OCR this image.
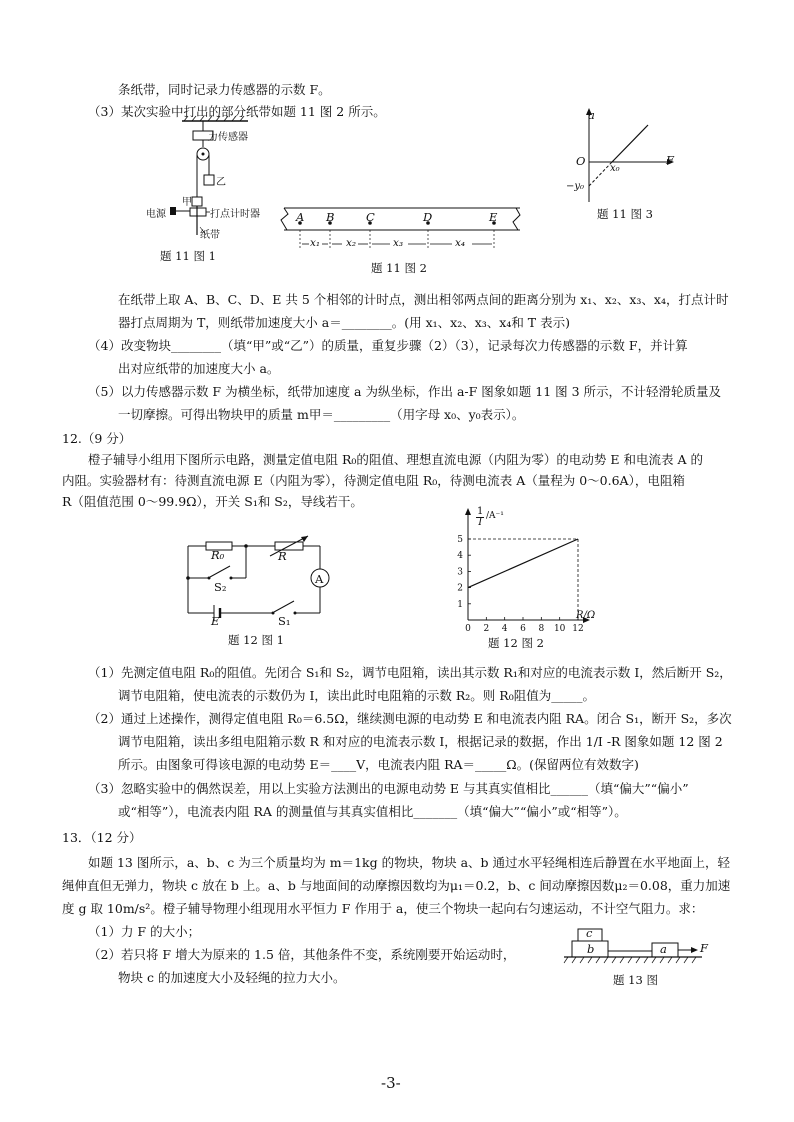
条纸带，同时记录力传感器的示数 F。
（3）某次实验中打出的部分纸带如题 11 图 2 所示。
力传感器
乙
甲
电源	打点计时器
纸带
题 11 图 1
A B	C	D	E
x₁ x₂	x₃	x₄
题 11 图 2
a
F
O
x₀
−y₀
题 11 图 3
在纸带上取 A、B、C、D、E 共 5 个相邻的计时点，测出相邻两点间的距离分别为 x₁、x₂、x₃、x₄，打点计时
器打点周期为 T，则纸带加速度大小 a＝________。(用 x₁、x₂、x₃、x₄和 T 表示)
（4）改变物块________（填“甲”或“乙”）的质量，重复步骤（2）（3），记录每次力传感器的示数 F，并计算
出对应纸带的加速度大小 a。
（5）以力传感器示数 F 为横坐标，纸带加速度 a 为纵坐标，作出 a-F 图象如题 11 图 3 所示，不计轻滑轮质量及
一切摩擦。可得出物块甲的质量 m甲＝_________（用字母 x₀、y₀表示）。
12.（9 分）
橙子辅导小组用下图所示电路，测量定值电阻 R₀的阻值、理想直流电源（内阻为零）的电动势 E 和电流表 A 的
内阻。实验器材有：待测直流电源 E（内阻为零），待测定值电阻 R₀，待测电流表 A（量程为 0～0.6A），电阻箱
R（阻值范围 0～99.9Ω），开关 S₁和 S₂，导线若干。
R₀	R
A
S₂
E	S₁
题 12 图 1
0 2 4 6 8 10 12
1
2
3
4
5
$\frac{1}{I} /A^{-1}$
R/Ω
题 12 图 2
（1）先测定值电阻 R₀的阻值。先闭合 S₁和 S₂，调节电阻箱，读出其示数 R₁和对应的电流表示数 I，然后断开 S₂，
调节电阻箱，使电流表的示数仍为 I，读出此时电阻箱的示数 R₂。则 R₀阻值为_____。
（2）通过上述操作，测得定值电阻 R₀＝6.5Ω，继续测电源的电动势 E 和电流表内阻 RA。闭合 S₁，断开 S₂，多次
调节电阻箱，读出多组电阻箱示数 R 和对应的电流表示数 I，根据记录的数据，作出 1/I -R 图象如题 12 图 2
所示。由图象可得该电源的电动势 E＝____V，电流表内阻 RA＝_____Ω。(保留两位有效数字)
（3）忽略实验中的偶然误差，用以上实验方法测出的电源电动势 E 与其真实值相比______（填“偏大”“偏小”
或“相等”），电流表内阻 RA 的测量值与其真实值相比_______（填“偏大”“偏小”或“相等”）。
13．（12 分）
如题 13 图所示，a、b、c 为三个质量均为 m＝1kg 的物块，物块 a、b 通过水平轻绳相连后静置在水平地面上，轻
绳伸直但无弹力，物块 c 放在 b 上。a、b 与地面间的动摩擦因数均为μ₁＝0.2，b、c 间动摩擦因数μ₂＝0.08，重力加速
度 g 取 10m/s²。橙子辅导物理小组现用水平恒力 F 作用于 a，使三个物块一起向右匀速运动，不计空气阻力。求：
（1）力 F 的大小；
（2）若只将 F 增大为原来的 1.5 倍，其他条件不变，系统刚要开始运动时，
物块 c 的加速度大小及轻绳的拉力大小。
c
b	a	F
题 13 图
-3-
